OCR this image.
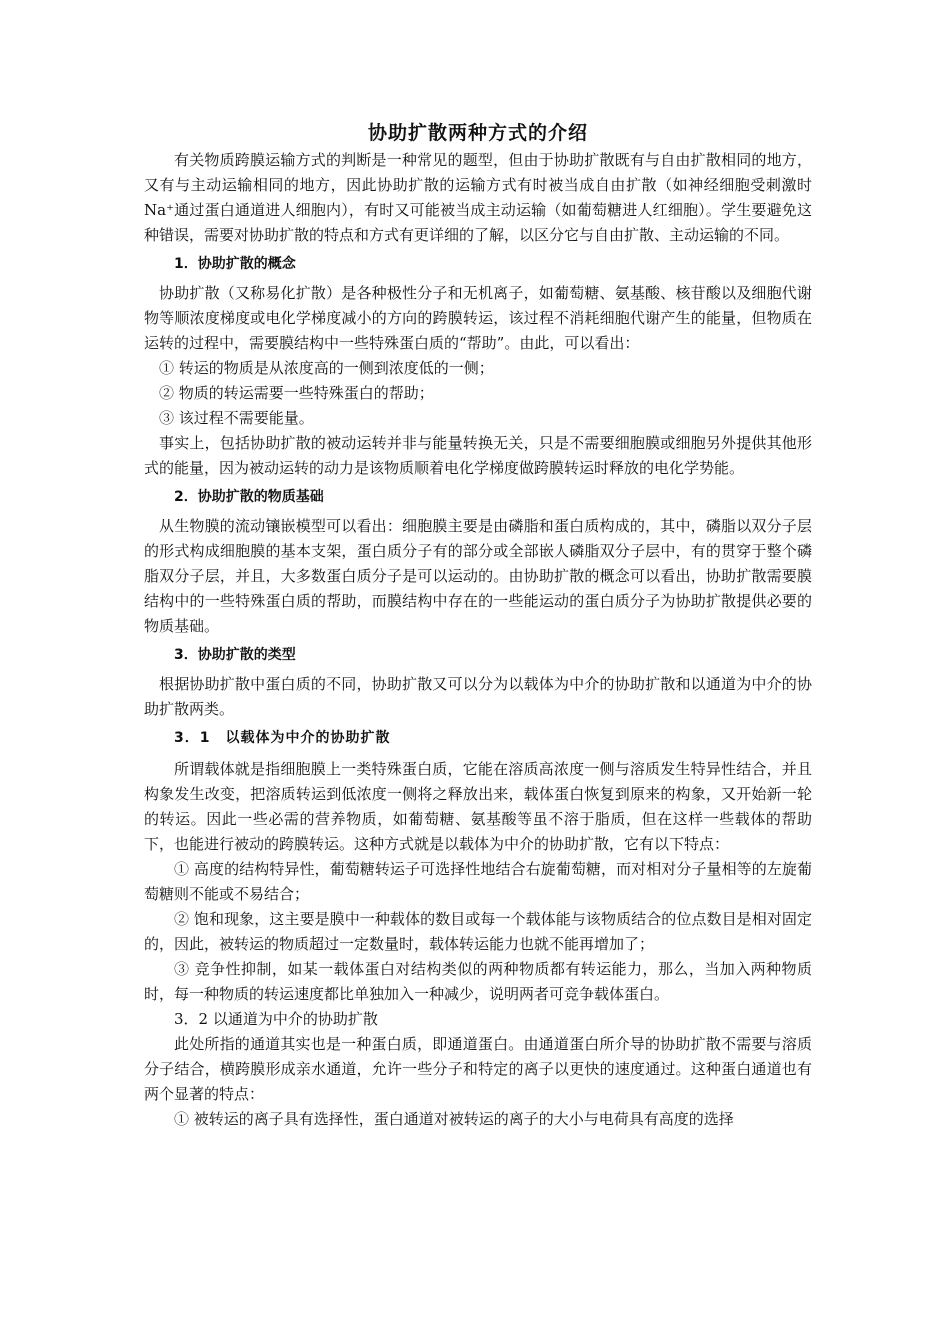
协助扩散两种方式的介绍

有关物质跨膜运输方式的判断是一种常见的题型，但由于协助扩散既有与自由扩散相同的地方，又有与主动运输相同的地方，因此协助扩散的运输方式有时被当成自由扩散（如神经细胞受刺激时 Na⁺通过蛋白通道进人细胞内），有时又可能被当成主动运输（如葡萄糖进人红细胞）。学生要避免这种错误，需要对协助扩散的特点和方式有更详细的了解，以区分它与自由扩散、主动运输的不同。

1．协助扩散的概念

协助扩散（又称易化扩散）是各种极性分子和无机离子，如葡萄糖、氨基酸、核苷酸以及细胞代谢物等顺浓度梯度或电化学梯度减小的方向的跨膜转运，该过程不消耗细胞代谢产生的能量，但物质在运转的过程中，需要膜结构中一些特殊蛋白质的“帮助”。由此，可以看出：

① 转运的物质是从浓度高的一侧到浓度低的一侧；

② 物质的转运需要一些特殊蛋白的帮助；

③ 该过程不需要能量。

事实上，包括协助扩散的被动运转并非与能量转换无关，只是不需要细胞膜或细胞另外提供其他形式的能量，因为被动运转的动力是该物质顺着电化学梯度做跨膜转运时释放的电化学势能。

2．协助扩散的物质基础

从生物膜的流动镶嵌模型可以看出：细胞膜主要是由磷脂和蛋白质构成的，其中，磷脂以双分子层的形式构成细胞膜的基本支架，蛋白质分子有的部分或全部嵌人磷脂双分子层中，有的贯穿于整个磷脂双分子层，并且，大多数蛋白质分子是可以运动的。由协助扩散的概念可以看出，协助扩散需要膜结构中的一些特殊蛋白质的帮助，而膜结构中存在的一些能运动的蛋白质分子为协助扩散提供必要的物质基础。

3．协助扩散的类型

根据协助扩散中蛋白质的不同，协助扩散又可以分为以载体为中介的协助扩散和以通道为中介的协助扩散两类。

3．1　以载体为中介的协助扩散

所谓载体就是指细胞膜上一类特殊蛋白质，它能在溶质高浓度一侧与溶质发生特异性结合，并且构象发生改变，把溶质转运到低浓度一侧将之释放出来，载体蛋白恢复到原来的构象，又开始新一轮的转运。因此一些必需的营养物质，如葡萄糖、氨基酸等虽不溶于脂质，但在这样一些载体的帮助下，也能进行被动的跨膜转运。这种方式就是以载体为中介的协助扩散，它有以下特点：

① 高度的结构特异性，葡萄糖转运子可选择性地结合右旋葡萄糖，而对相对分子量相等的左旋葡萄糖则不能或不易结合；

② 饱和现象，这主要是膜中一种载体的数目或每一个载体能与该物质结合的位点数目是相对固定的，因此，被转运的物质超过一定数量时，载体转运能力也就不能再增加了；

③ 竞争性抑制，如某一载体蛋白对结构类似的两种物质都有转运能力，那么，当加入两种物质时，每一种物质的转运速度都比单独加入一种减少，说明两者可竞争载体蛋白。

3．2 以通道为中介的协助扩散

此处所指的通道其实也是一种蛋白质，即通道蛋白。由通道蛋白所介导的协助扩散不需要与溶质分子结合，横跨膜形成亲水通道，允许一些分子和特定的离子以更快的速度通过。这种蛋白通道也有两个显著的特点：

① 被转运的离子具有选择性，蛋白通道对被转运的离子的大小与电荷具有高度的选择
